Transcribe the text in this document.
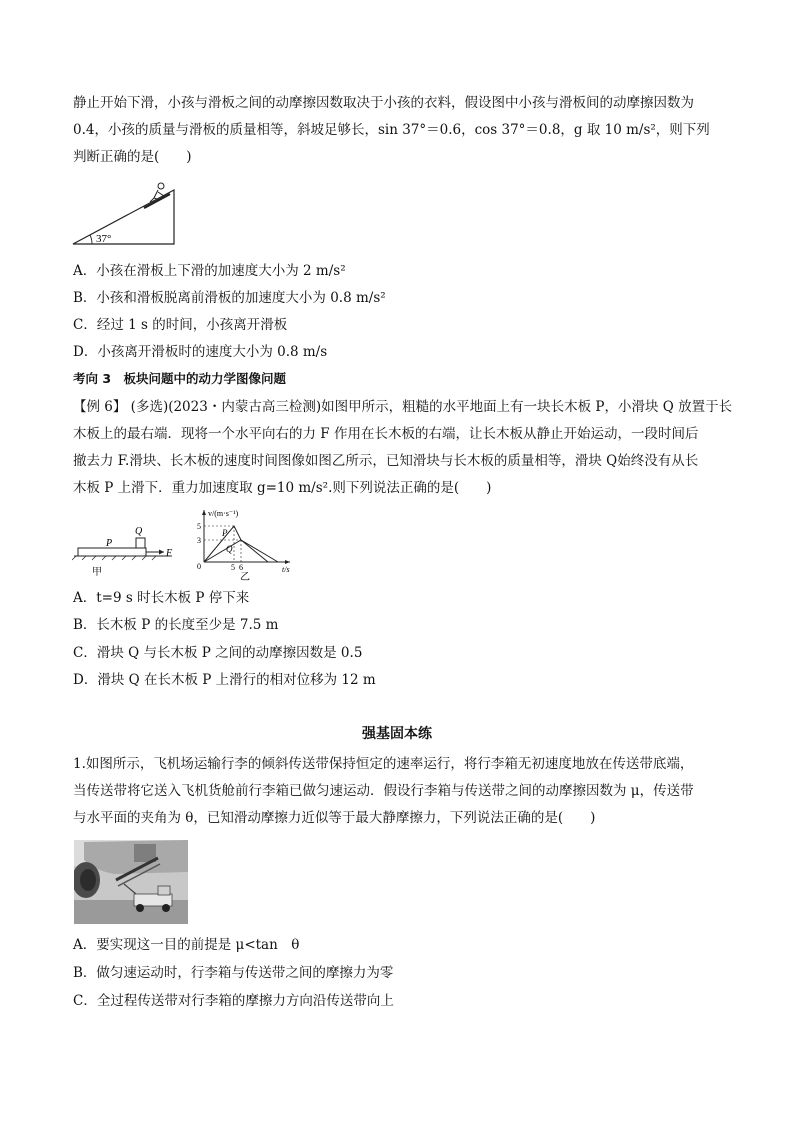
静止开始下滑，小孩与滑板之间的动摩擦因数取决于小孩的衣料，假设图中小孩与滑板间的动摩擦因数为
0.4，小孩的质量与滑板的质量相等，斜坡足够长，sin 37°＝0.6，cos 37°＝0.8，g 取 10 m/s²，则下列
判断正确的是(　　)
37°
A．小孩在滑板上下滑的加速度大小为 2 m/s²
B．小孩和滑板脱离前滑板的加速度大小为 0.8 m/s²
C．经过 1 s 的时间，小孩离开滑板
D．小孩离开滑板时的速度大小为 0.8 m/s
考向 3　板块问题中的动力学图像问题
【例 6】 (多选)(2023・内蒙古高三检测)如图甲所示，粗糙的水平地面上有一块长木板 P，小滑块 Q 放置于长
木板上的最右端．现将一个水平向右的力 F 作用在长木板的右端，让长木板从静止开始运动，一段时间后
撤去力 F.滑块、长木板的速度时间图像如图乙所示，已知滑块与长木板的质量相等，滑块 Q始终没有从长
木板 P 上滑下．重力加速度取 g=10 m/s².则下列说法正确的是(　　)
P
Q
F
甲
v/(m·s⁻¹)
t/s
0
5
3
5 6
P
Q
乙
A．t=9 s 时长木板 P 停下来
B．长木板 P 的长度至少是 7.5 m
C．滑块 Q 与长木板 P 之间的动摩擦因数是 0.5
D．滑块 Q 在长木板 P 上滑行的相对位移为 12 m
强基固本练
1.如图所示，飞机场运输行李的倾斜传送带保持恒定的速率运行，将行李箱无初速度地放在传送带底端，
当传送带将它送入飞机货舱前行李箱已做匀速运动．假设行李箱与传送带之间的动摩擦因数为 μ，传送带
与水平面的夹角为 θ，已知滑动摩擦力近似等于最大静摩擦力，下列说法正确的是(　　)
A．要实现这一目的前提是 μ<tan　θ
B．做匀速运动时，行李箱与传送带之间的摩擦力为零
C．全过程传送带对行李箱的摩擦力方向沿传送带向上
